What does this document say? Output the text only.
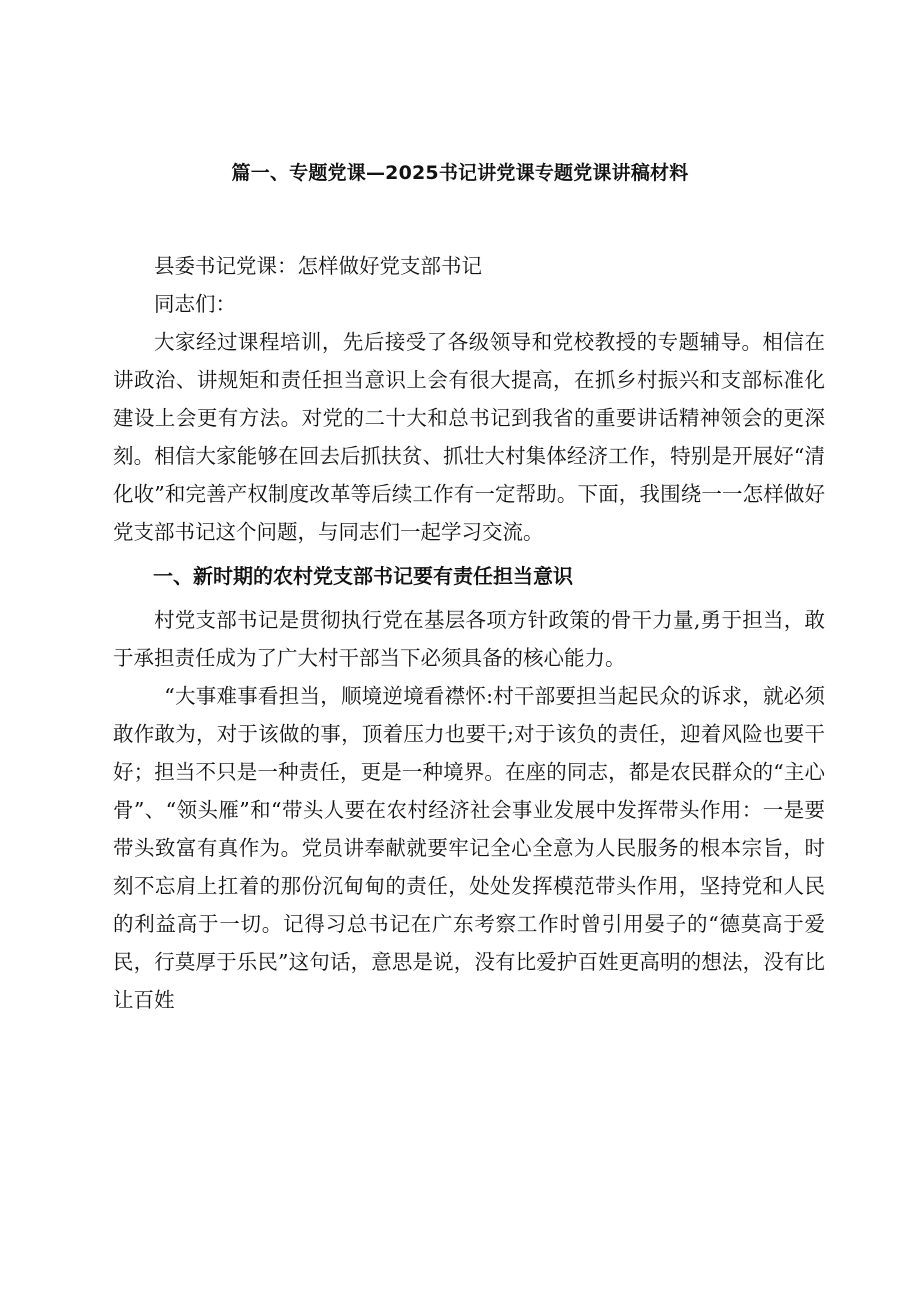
篇一、专题党课—2025书记讲党课专题党课讲稿材料

县委书记党课：怎样做好党支部书记

同志们：

大家经过课程培训，先后接受了各级领导和党校教授的专题辅导。相信在讲政治、讲规矩和责任担当意识上会有很大提高，在抓乡村振兴和支部标准化建设上会更有方法。对党的二十大和总书记到我省的重要讲话精神领会的更深刻。相信大家能够在回去后抓扶贫、抓壮大村集体经济工作，特别是开展好“清化收”和完善产权制度改革等后续工作有一定帮助。下面，我围绕一一怎样做好党支部书记这个问题，与同志们一起学习交流。

一、新时期的农村党支部书记要有责任担当意识

村党支部书记是贯彻执行党在基层各项方针政策的骨干力量,勇于担当，敢于承担责任成为了广大村干部当下必须具备的核心能力。

“大事难事看担当，顺境逆境看襟怀:村干部要担当起民众的诉求，就必须敢作敢为，对于该做的事，顶着压力也要干;对于该负的责任，迎着风险也要干好；担当不只是一种责任，更是一种境界。在座的同志，都是农民群众的“主心骨”、“领头雁”和“带头人要在农村经济社会事业发展中发挥带头作用：一是要带头致富有真作为。党员讲奉献就要牢记全心全意为人民服务的根本宗旨，时刻不忘肩上扛着的那份沉甸甸的责任，处处发挥模范带头作用，坚持党和人民的利益高于一切。记得习总书记在广东考察工作时曾引用晏子的“德莫高于爱民，行莫厚于乐民”这句话，意思是说，没有比爱护百姓更高明的想法，没有比让百姓
